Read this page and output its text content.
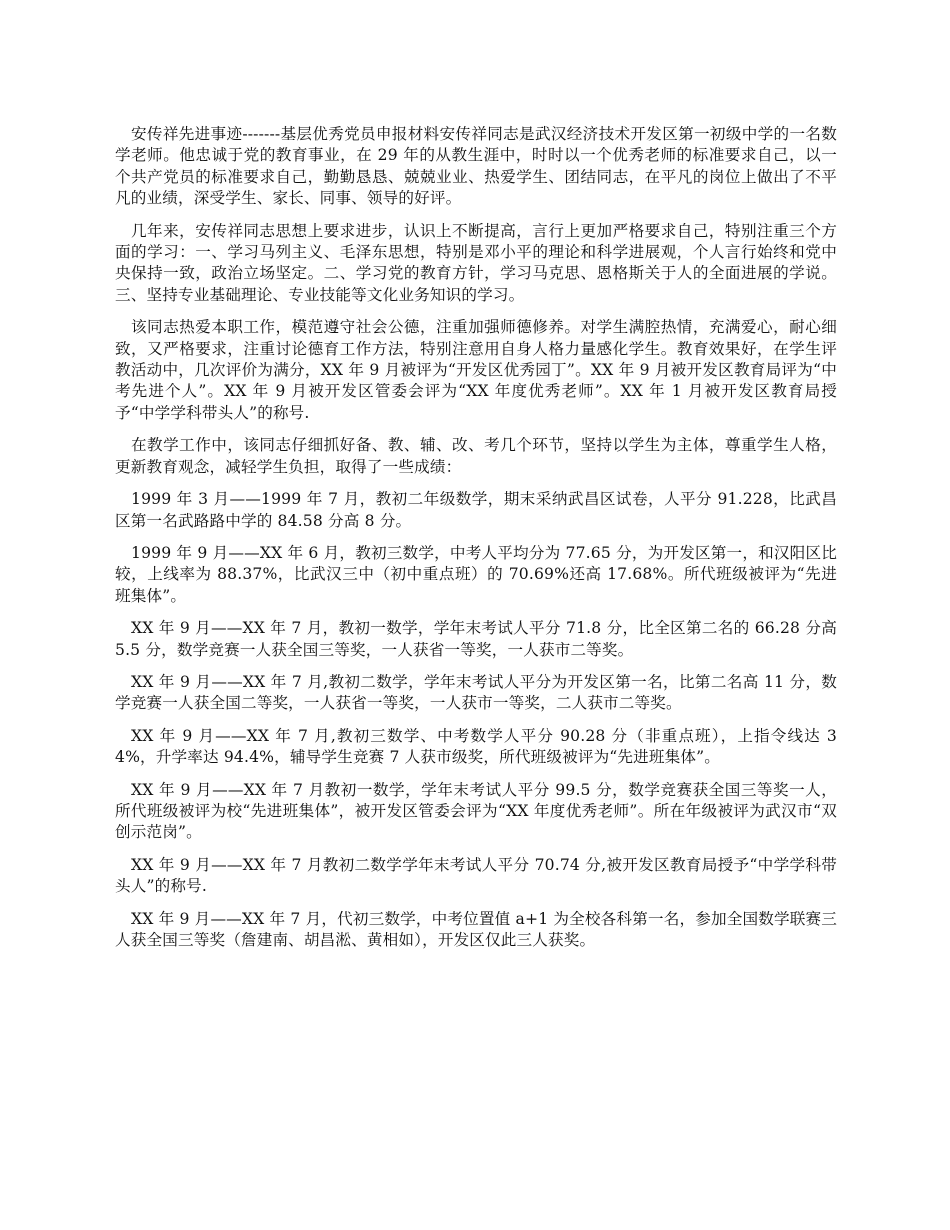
安传祥先进事迹-------基层优秀党员申报材料安传祥同志是武汉经济技术开发区第一初级中学的一名数学老师。他忠诚于党的教育事业，在 29 年的从教生涯中，时时以一个优秀老师的标准要求自己，以一个共产党员的标准要求自己，勤勤恳恳、兢兢业业、热爱学生、团结同志，在平凡的岗位上做出了不平凡的业绩，深受学生、家长、同事、领导的好评。

几年来，安传祥同志思想上要求进步，认识上不断提高，言行上更加严格要求自己，特别注重三个方面的学习：一、学习马列主义、毛泽东思想，特别是邓小平的理论和科学进展观，个人言行始终和党中央保持一致，政治立场坚定。二、学习党的教育方针，学习马克思、恩格斯关于人的全面进展的学说。三、坚持专业基础理论、专业技能等文化业务知识的学习。

该同志热爱本职工作，模范遵守社会公德，注重加强师德修养。对学生满腔热情，充满爱心，耐心细致，又严格要求，注重讨论德育工作方法，特别注意用自身人格力量感化学生。教育效果好，在学生评教活动中，几次评价为满分，XX 年 9 月被评为“开发区优秀园丁”。XX 年 9 月被开发区教育局评为“中考先进个人”。XX 年 9 月被开发区管委会评为“XX 年度优秀老师”。XX 年 1 月被开发区教育局授予“中学学科带头人”的称号.

在教学工作中，该同志仔细抓好备、教、辅、改、考几个环节，坚持以学生为主体，尊重学生人格，更新教育观念，减轻学生负担，取得了一些成绩：

1999 年 3 月——1999 年 7 月，教初二年级数学，期末采纳武昌区试卷，人平分 91.228，比武昌区第一名武路路中学的 84.58 分高 8 分。

1999 年 9 月——XX 年 6 月，教初三数学，中考人平均分为 77.65 分，为开发区第一，和汉阳区比较，上线率为 88.37%，比武汉三中（初中重点班）的 70.69%还高 17.68%。所代班级被评为“先进班集体”。

XX 年 9 月——XX 年 7 月，教初一数学，学年末考试人平分 71.8 分，比全区第二名的 66.28 分高 5.5 分，数学竞赛一人获全国三等奖，一人获省一等奖，一人获市二等奖。

XX 年 9 月——XX 年 7 月,教初二数学，学年末考试人平分为开发区第一名，比第二名高 11 分，数学竞赛一人获全国二等奖，一人获省一等奖，一人获市一等奖，二人获市二等奖。

XX 年 9 月——XX 年 7 月,教初三数学、中考数学人平分 90.28 分（非重点班），上指令线达 34%，升学率达 94.4%，辅导学生竞赛 7 人获市级奖，所代班级被评为“先进班集体”。

XX 年 9 月——XX 年 7 月教初一数学，学年末考试人平分 99.5 分，数学竞赛获全国三等奖一人，所代班级被评为校“先进班集体”，被开发区管委会评为“XX 年度优秀老师”。所在年级被评为武汉市“双创示范岗”。

XX 年 9 月——XX 年 7 月教初二数学学年末考试人平分 70.74 分,被开发区教育局授予“中学学科带头人”的称号.

XX 年 9 月——XX 年 7 月，代初三数学，中考位置值 a+1 为全校各科第一名，参加全国数学联赛三人获全国三等奖（詹建南、胡昌淞、黄相如），开发区仅此三人获奖。
